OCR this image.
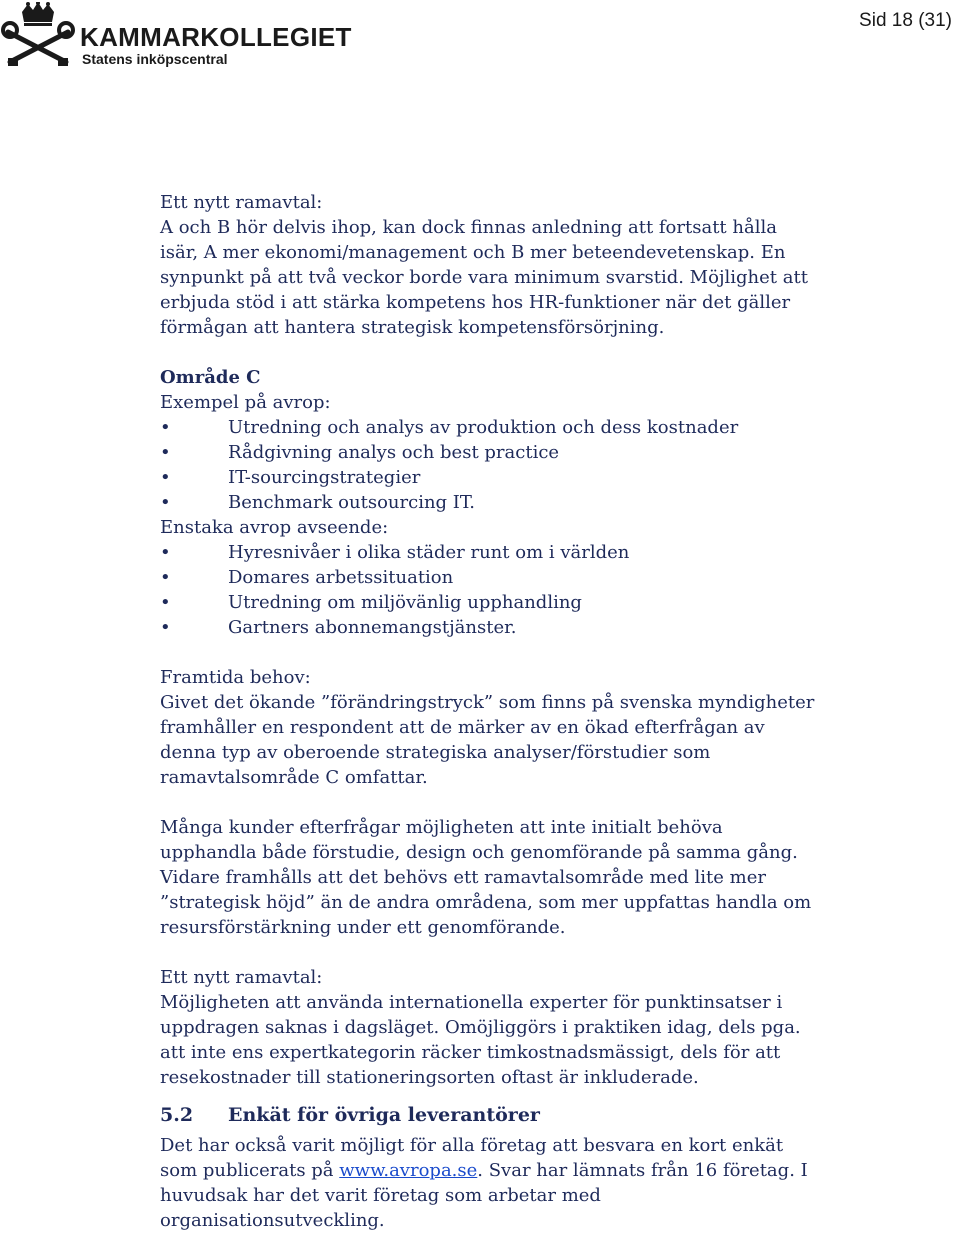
KAMMARKOLLEGIET
Statens inköpscentral
Sid 18 (31)

Ett nytt ramavtal:

A och B hör delvis ihop, kan dock finnas anledning att fortsatt hålla

isär, A mer ekonomi/management och B mer beteendevetenskap. En

synpunkt på att två veckor borde vara minimum svarstid. Möjlighet att

erbjuda stöd i att stärka kompetens hos HR-funktioner när det gäller

förmågan att hantera strategisk kompetensförsörjning.

Område C

Exempel på avrop:

•	Utredning och analys av produktion och dess kostnader
•	Rådgivning analys och best practice
•	IT-sourcingstrategier
•	Benchmark outsourcing IT.

Enstaka avrop avseende:

•	Hyresnivåer i olika städer runt om i världen
•	Domares arbetssituation
•	Utredning om miljövänlig upphandling
•	Gartners abonnemangstjänster.

Framtida behov:

Givet det ökande ”förändringstryck” som finns på svenska myndigheter

framhåller en respondent att de märker av en ökad efterfrågan av

denna typ av oberoende strategiska analyser/förstudier som

ramavtalsområde C omfattar.

Många kunder efterfrågar möjligheten att inte initialt behöva

upphandla både förstudie, design och genomförande på samma gång.

Vidare framhålls att det behövs ett ramavtalsområde med lite mer

”strategisk höjd” än de andra områdena, som mer uppfattas handla om

resursförstärkning under ett genomförande.

Ett nytt ramavtal:

Möjligheten att använda internationella experter för punktinsatser i

uppdragen saknas i dagsläget. Omöjliggörs i praktiken idag, dels pga.

att inte ens expertkategorin räcker timkostnadsmässigt, dels för att

resekostnader till stationeringsorten oftast är inkluderade.

5.2 Enkät för övriga leverantörer

Det har också varit möjligt för alla företag att besvara en kort enkät

som publicerats på www.avropa.se. Svar har lämnats från 16 företag. I

huvudsak har det varit företag som arbetar med

organisationsutveckling.
